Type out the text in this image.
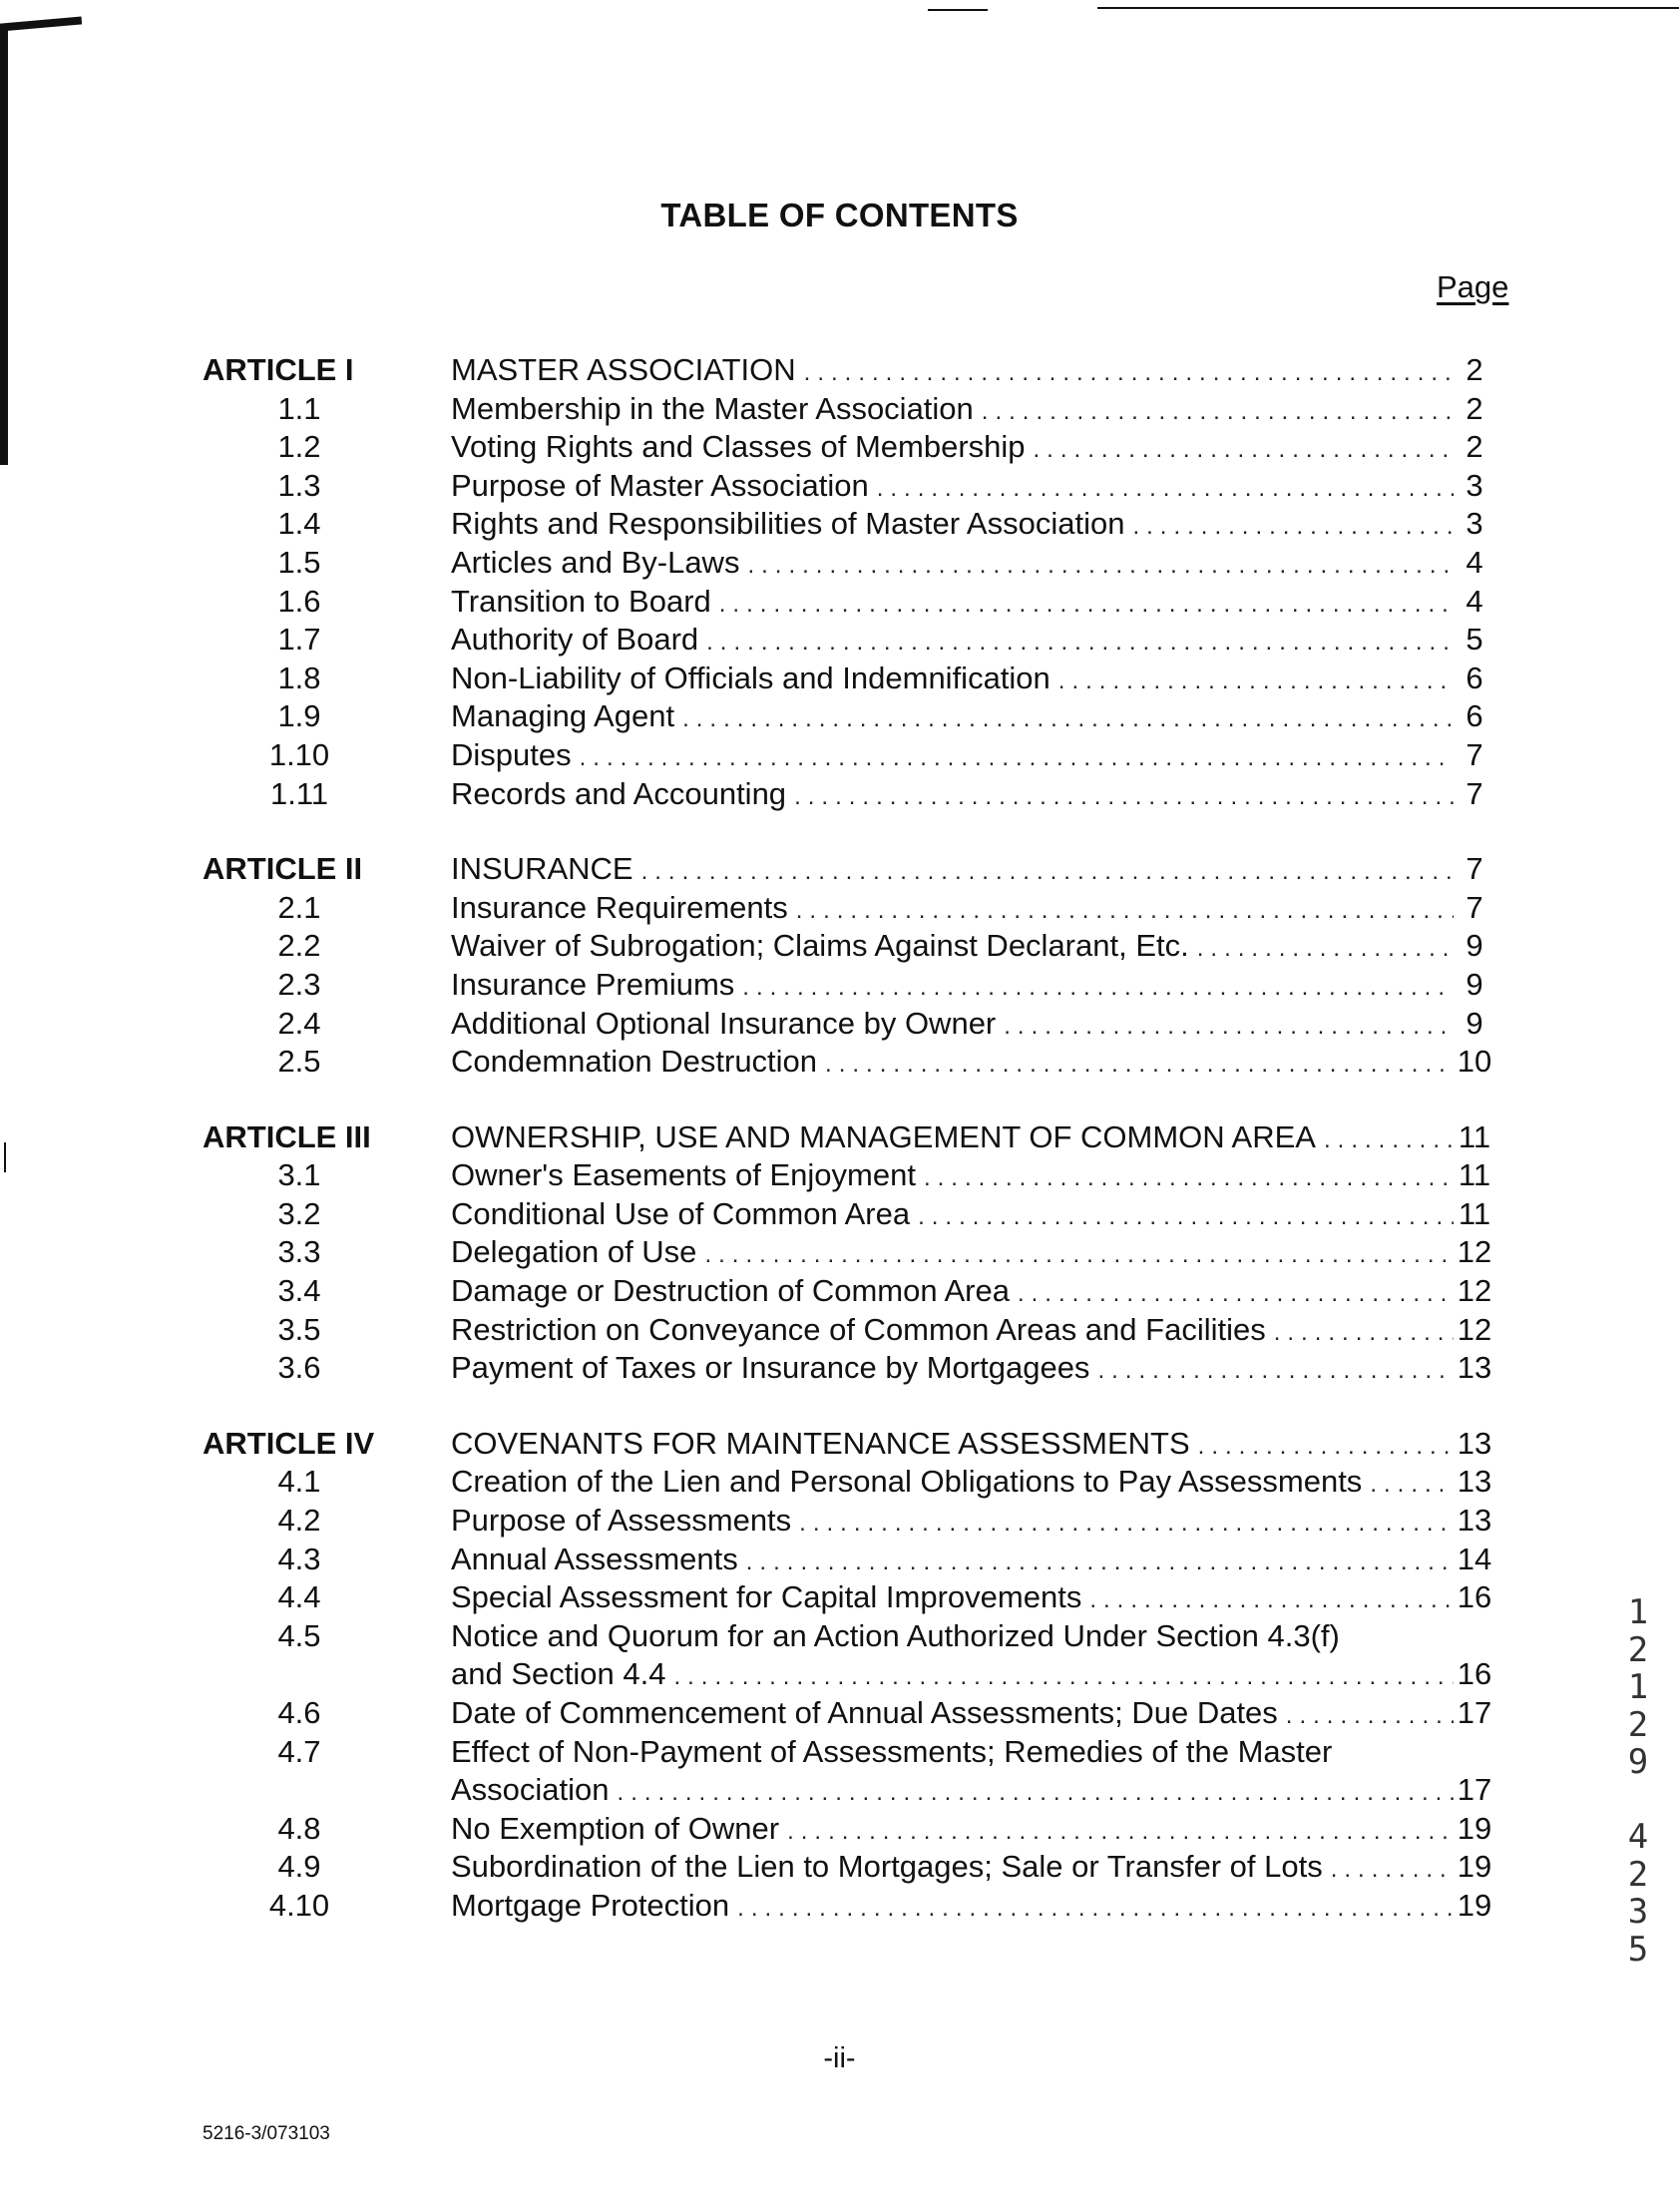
TABLE OF CONTENTS
Page
ARTICLE I	MASTER ASSOCIATION .....	2
1.1	Membership in the Master Association .....	2
1.2	Voting Rights and Classes of Membership .....	2
1.3	Purpose of Master Association .....	3
1.4	Rights and Responsibilities of Master Association .....	3
1.5	Articles and By-Laws .....	4
1.6	Transition to Board .....	4
1.7	Authority of Board .....	5
1.8	Non-Liability of Officials and Indemnification .....	6
1.9	Managing Agent .....	6
1.10	Disputes .....	7
1.11	Records and Accounting .....	7
ARTICLE II	INSURANCE .....	7
2.1	Insurance Requirements .....	7
2.2	Waiver of Subrogation; Claims Against Declarant, Etc. .....	9
2.3	Insurance Premiums .....	9
2.4	Additional Optional Insurance by Owner .....	9
2.5	Condemnation Destruction .....	10
ARTICLE III	OWNERSHIP, USE AND MANAGEMENT OF COMMON AREA .....	11
3.1	Owner's Easements of Enjoyment .....	11
3.2	Conditional Use of Common Area .....	11
3.3	Delegation of Use .....	12
3.4	Damage or Destruction of Common Area .....	12
3.5	Restriction on Conveyance of Common Areas and Facilities .....	12
3.6	Payment of Taxes or Insurance by Mortgagees .....	13
ARTICLE IV COVENANTS FOR MAINTENANCE ASSESSMENTS .....	13
4.1	Creation of the Lien and Personal Obligations to Pay Assessments .....	13
4.2	Purpose of Assessments .....	13
4.3	Annual Assessments .....	14
4.4	Special Assessment for Capital Improvements .....	16
4.5	Notice and Quorum for an Action Authorized Under Section 4.3(f)
and Section 4.4 .....	16
4.6	Date of Commencement of Annual Assessments; Due Dates .....	17
4.7	Effect of Non-Payment of Assessments; Remedies of the Master
Association .....	17
4.8	No Exemption of Owner .....	19
4.9	Subordination of the Lien to Mortgages; Sale or Transfer of Lots .....	19
4.10	Mortgage Protection .....	19
-ii-
5216-3/073103
1
2
1
2
9

4
2
3
5
